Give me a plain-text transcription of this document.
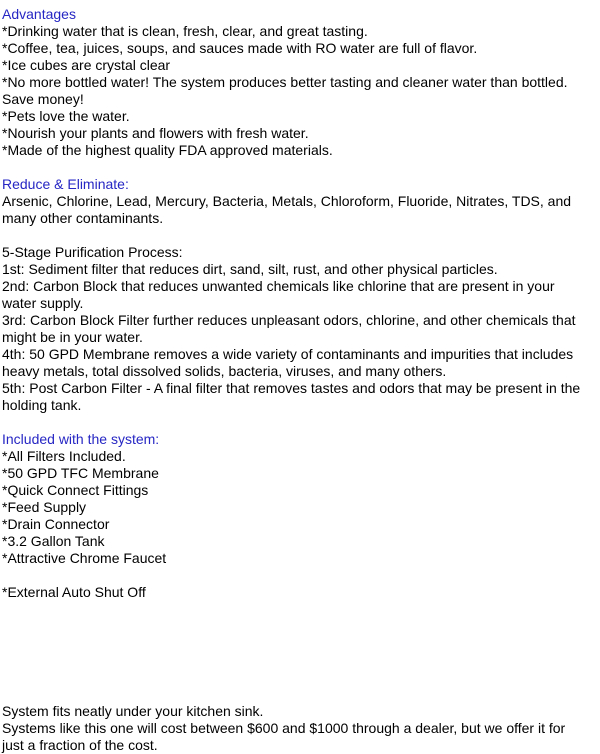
Advantages
*Drinking water that is clean, fresh, clear, and great tasting.
*Coffee, tea, juices, soups, and sauces made with RO water are full of flavor.
*Ice cubes are crystal clear
*No more bottled water! The system produces better tasting and cleaner water than bottled. Save money!
*Pets love the water.
*Nourish your plants and flowers with fresh water.
*Made of the highest quality FDA approved materials.
Reduce & Eliminate:
Arsenic, Chlorine, Lead, Mercury, Bacteria, Metals, Chloroform, Fluoride, Nitrates, TDS, and many other contaminants.
5-Stage Purification Process:
1st: Sediment filter that reduces dirt, sand, silt, rust, and other physical particles.
2nd: Carbon Block that reduces unwanted chemicals like chlorine that are present in your water supply.
3rd: Carbon Block Filter further reduces unpleasant odors, chlorine, and other chemicals that might be in your water.
4th: 50 GPD Membrane removes a wide variety of contaminants and impurities that includes heavy metals, total dissolved solids, bacteria, viruses, and many others.
5th: Post Carbon Filter - A final filter that removes tastes and odors that may be present in the holding tank.
Included with the system:
*All Filters Included.
*50 GPD TFC Membrane
*Quick Connect Fittings
*Feed Supply
*Drain Connector
*3.2 Gallon Tank
*Attractive Chrome Faucet
*External Auto Shut Off
System fits neatly under your kitchen sink.
Systems like this one will cost between $600 and $1000 through a dealer, but we offer it for just a fraction of the cost.
